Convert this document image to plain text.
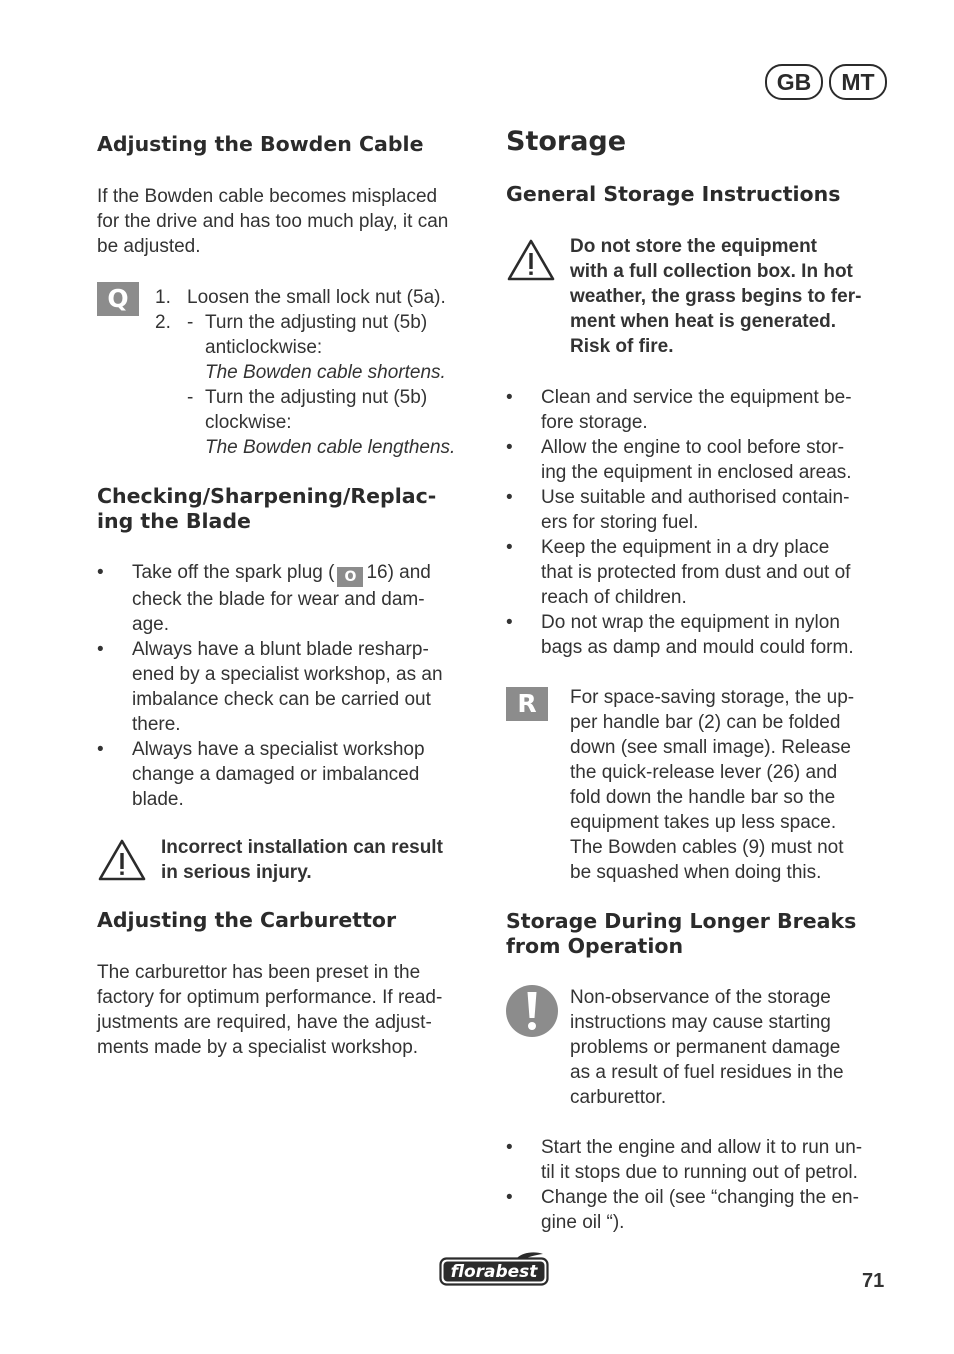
GB	MT
Adjusting the Bowden Cable

If the Bowden cable becomes misplaced

for the drive and has too much play, it can

be adjusted.

Q	1. Loosen the small lock nut (5a).
2. - Turn the adjusting nut (5b)

anticlockwise:

The Bowden cable shortens.

- Turn the adjusting nut (5b)

clockwise:

The Bowden cable lengthens.

Checking/Sharpening/Replac-
ing the Blade
• Take off the spark plug ( O 16) and
check the blade for wear and dam-
age.
• Always have a blunt blade resharp-
ened by a specialist workshop, as an
imbalance check can be carried out
there.
• Always have a specialist workshop
change a damaged or imbalanced
blade.

Incorrect installation can result

in serious injury.

Adjusting the Carburettor

The carburettor has been preset in the

factory for optimum performance. If read-

justments are required, have the adjust-

ments made by a specialist workshop.

Storage
General Storage Instructions

Do not store the equipment

with a full collection box. In hot

weather, the grass begins to fer-

ment when heat is generated.

Risk of fire.

• Clean and service the equipment be-
fore storage.
• Allow the engine to cool before stor-
ing the equipment in enclosed areas.
• Use suitable and authorised contain-
ers for storing fuel.
• Keep the equipment in a dry place
that is protected from dust and out of
reach of children.
• Do not wrap the equipment in nylon
bags as damp and mould could form.
R	For space-saving storage, the up-

per handle bar (2) can be folded

down (see small image). Release

the quick-release lever (26) and

fold down the handle bar so the

equipment takes up less space.

The Bowden cables (9) must not

be squashed when doing this.

Storage During Longer Breaks
from Operation

Non-observance of the storage

instructions may cause starting

problems or permanent damage

as a result of fuel residues in the

carburettor.

• Start the engine and allow it to run un-
til it stops due to running out of petrol.
• Change the oil (see “changing the en-
gine oil “).
florabest	71
